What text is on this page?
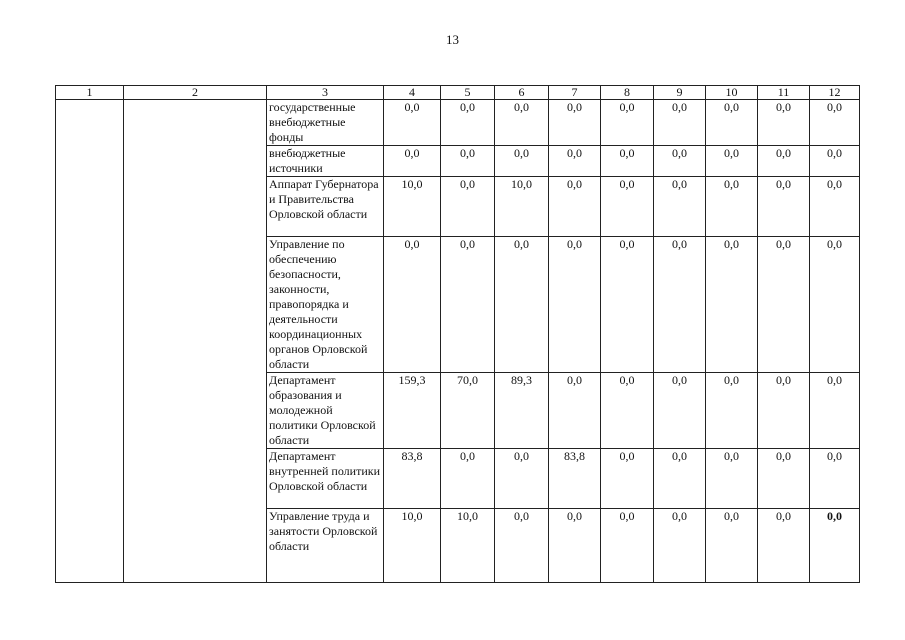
13
1	2	3	4	5	6	7	8	9	10	11	12
		государственные внебюджетные фонды	0,0	0,0	0,0	0,0	0,0	0,0	0,0	0,0	0,0
		внебюджетные источники	0,0	0,0	0,0	0,0	0,0	0,0	0,0	0,0	0,0
		Аппарат Губернатора и Правительства Орловской области	10,0	0,0	10,0	0,0	0,0	0,0	0,0	0,0	0,0
		Управление по обеспечению безопасности, законности, правопорядка и деятельности координационных органов Орловской области	0,0	0,0	0,0	0,0	0,0	0,0	0,0	0,0	0,0
		Департамент образования и молодежной политики Орловской области	159,3	70,0	89,3	0,0	0,0	0,0	0,0	0,0	0,0
		Департамент внутренней политики Орловской области	83,8	0,0	0,0	83,8	0,0	0,0	0,0	0,0	0,0
		Управление труда и занятости Орловской области	10,0	10,0	0,0	0,0	0,0	0,0	0,0	0,0	0,0
